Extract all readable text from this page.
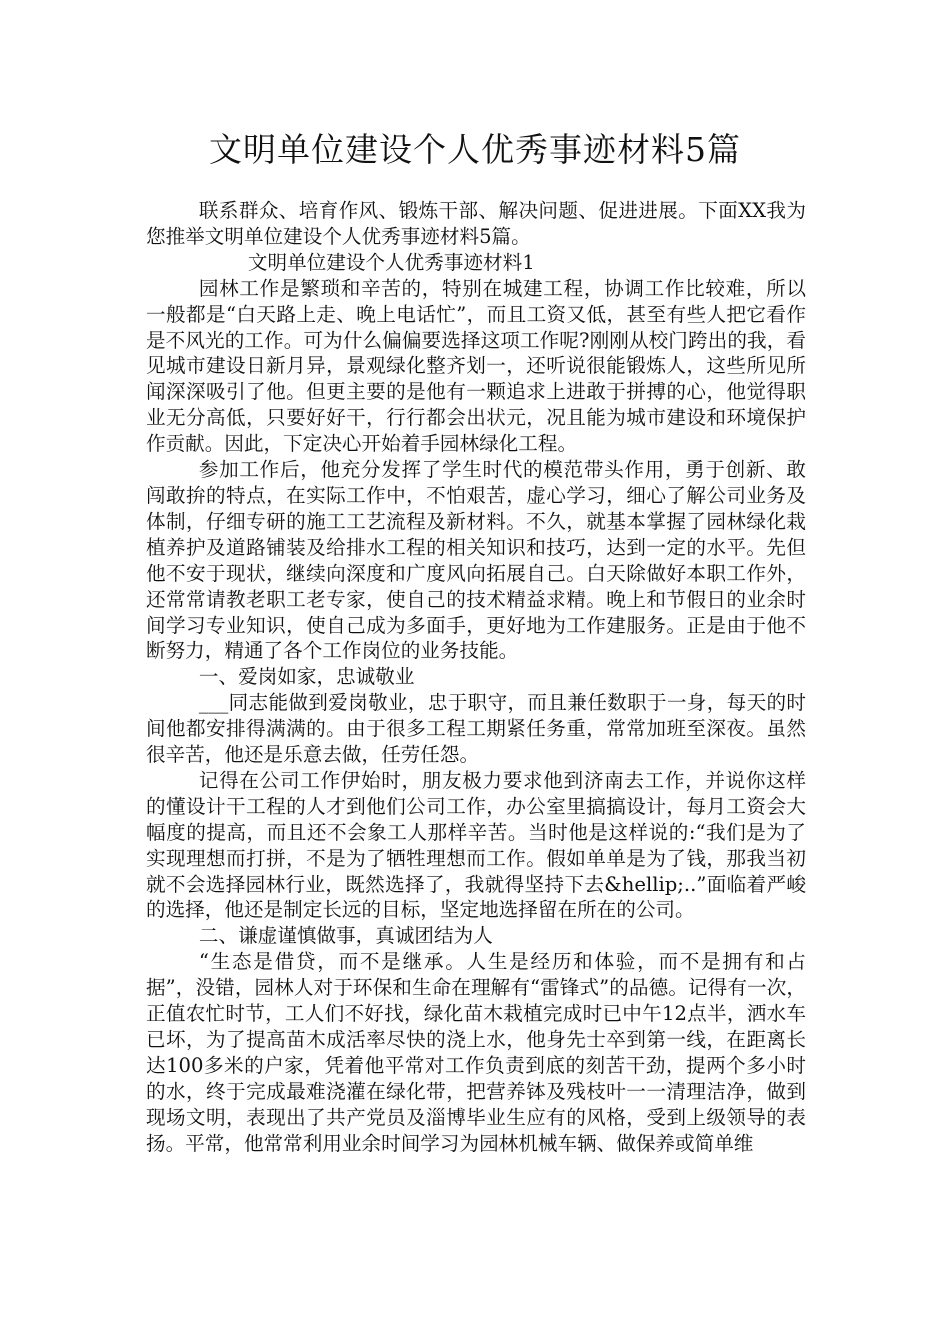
文明单位建设个人优秀事迹材料5篇

联系群众、培育作风、锻炼干部、解决问题、促进进展。下面XX我为您推举文明单位建设个人优秀事迹材料5篇。

文明单位建设个人优秀事迹材料1

园林工作是繁琐和辛苦的，特别在城建工程，协调工作比较难，所以一般都是“白天路上走、晚上电话忙”，而且工资又低，甚至有些人把它看作是不风光的工作。可为什么偏偏要选择这项工作呢?刚刚从校门跨出的我，看见城市建设日新月异，景观绿化整齐划一，还听说很能锻炼人，这些所见所闻深深吸引了他。但更主要的是他有一颗追求上进敢于拼搏的心，他觉得职业无分高低，只要好好干，行行都会出状元，况且能为城市建设和环境保护作贡献。因此，下定决心开始着手园林绿化工程。

参加工作后，他充分发挥了学生时代的模范带头作用，勇于创新、敢闯敢拚的特点，在实际工作中，不怕艰苦，虚心学习，细心了解公司业务及体制，仔细专研的施工工艺流程及新材料。不久，就基本掌握了园林绿化栽植养护及道路铺装及给排水工程的相关知识和技巧，达到一定的水平。先但他不安于现状，继续向深度和广度风向拓展自己。白天除做好本职工作外，还常常请教老职工老专家，使自己的技术精益求精。晚上和节假日的业余时间学习专业知识，使自己成为多面手，更好地为工作建服务。正是由于他不断努力，精通了各个工作岗位的业务技能。

一、爱岗如家，忠诚敬业

___同志能做到爱岗敬业，忠于职守，而且兼任数职于一身，每天的时间他都安排得满满的。由于很多工程工期紧任务重，常常加班至深夜。虽然很辛苦，他还是乐意去做，任劳任怨。

记得在公司工作伊始时，朋友极力要求他到济南去工作，并说你这样的懂设计干工程的人才到他们公司工作，办公室里搞搞设计，每月工资会大幅度的提高，而且还不会象工人那样辛苦。当时他是这样说的:“我们是为了实现理想而打拼，不是为了牺牲理想而工作。假如单单是为了钱，那我当初就不会选择园林行业，既然选择了，我就得坚持下去&hellip;..”面临着严峻的选择，他还是制定长远的目标，坚定地选择留在所在的公司。

二、谦虚谨慎做事，真诚团结为人

“生态是借贷，而不是继承。人生是经历和体验，而不是拥有和占据”，没错，园林人对于环保和生命在理解有“雷锋式”的品德。记得有一次，正值农忙时节，工人们不好找，绿化苗木栽植完成时已中午12点半，洒水车已坏，为了提高苗木成活率尽快的浇上水，他身先士卒到第一线，在距离长达100多米的户家，凭着他平常对工作负责到底的刻苦干劲，提两个多小时的水，终于完成最难浇灌在绿化带，把营养钵及残枝叶一一清理洁净，做到现场文明，表现出了共产党员及淄博毕业生应有的风格，受到上级领导的表扬。平常，他常常利用业余时间学习为园林机械车辆、做保养或简单维
